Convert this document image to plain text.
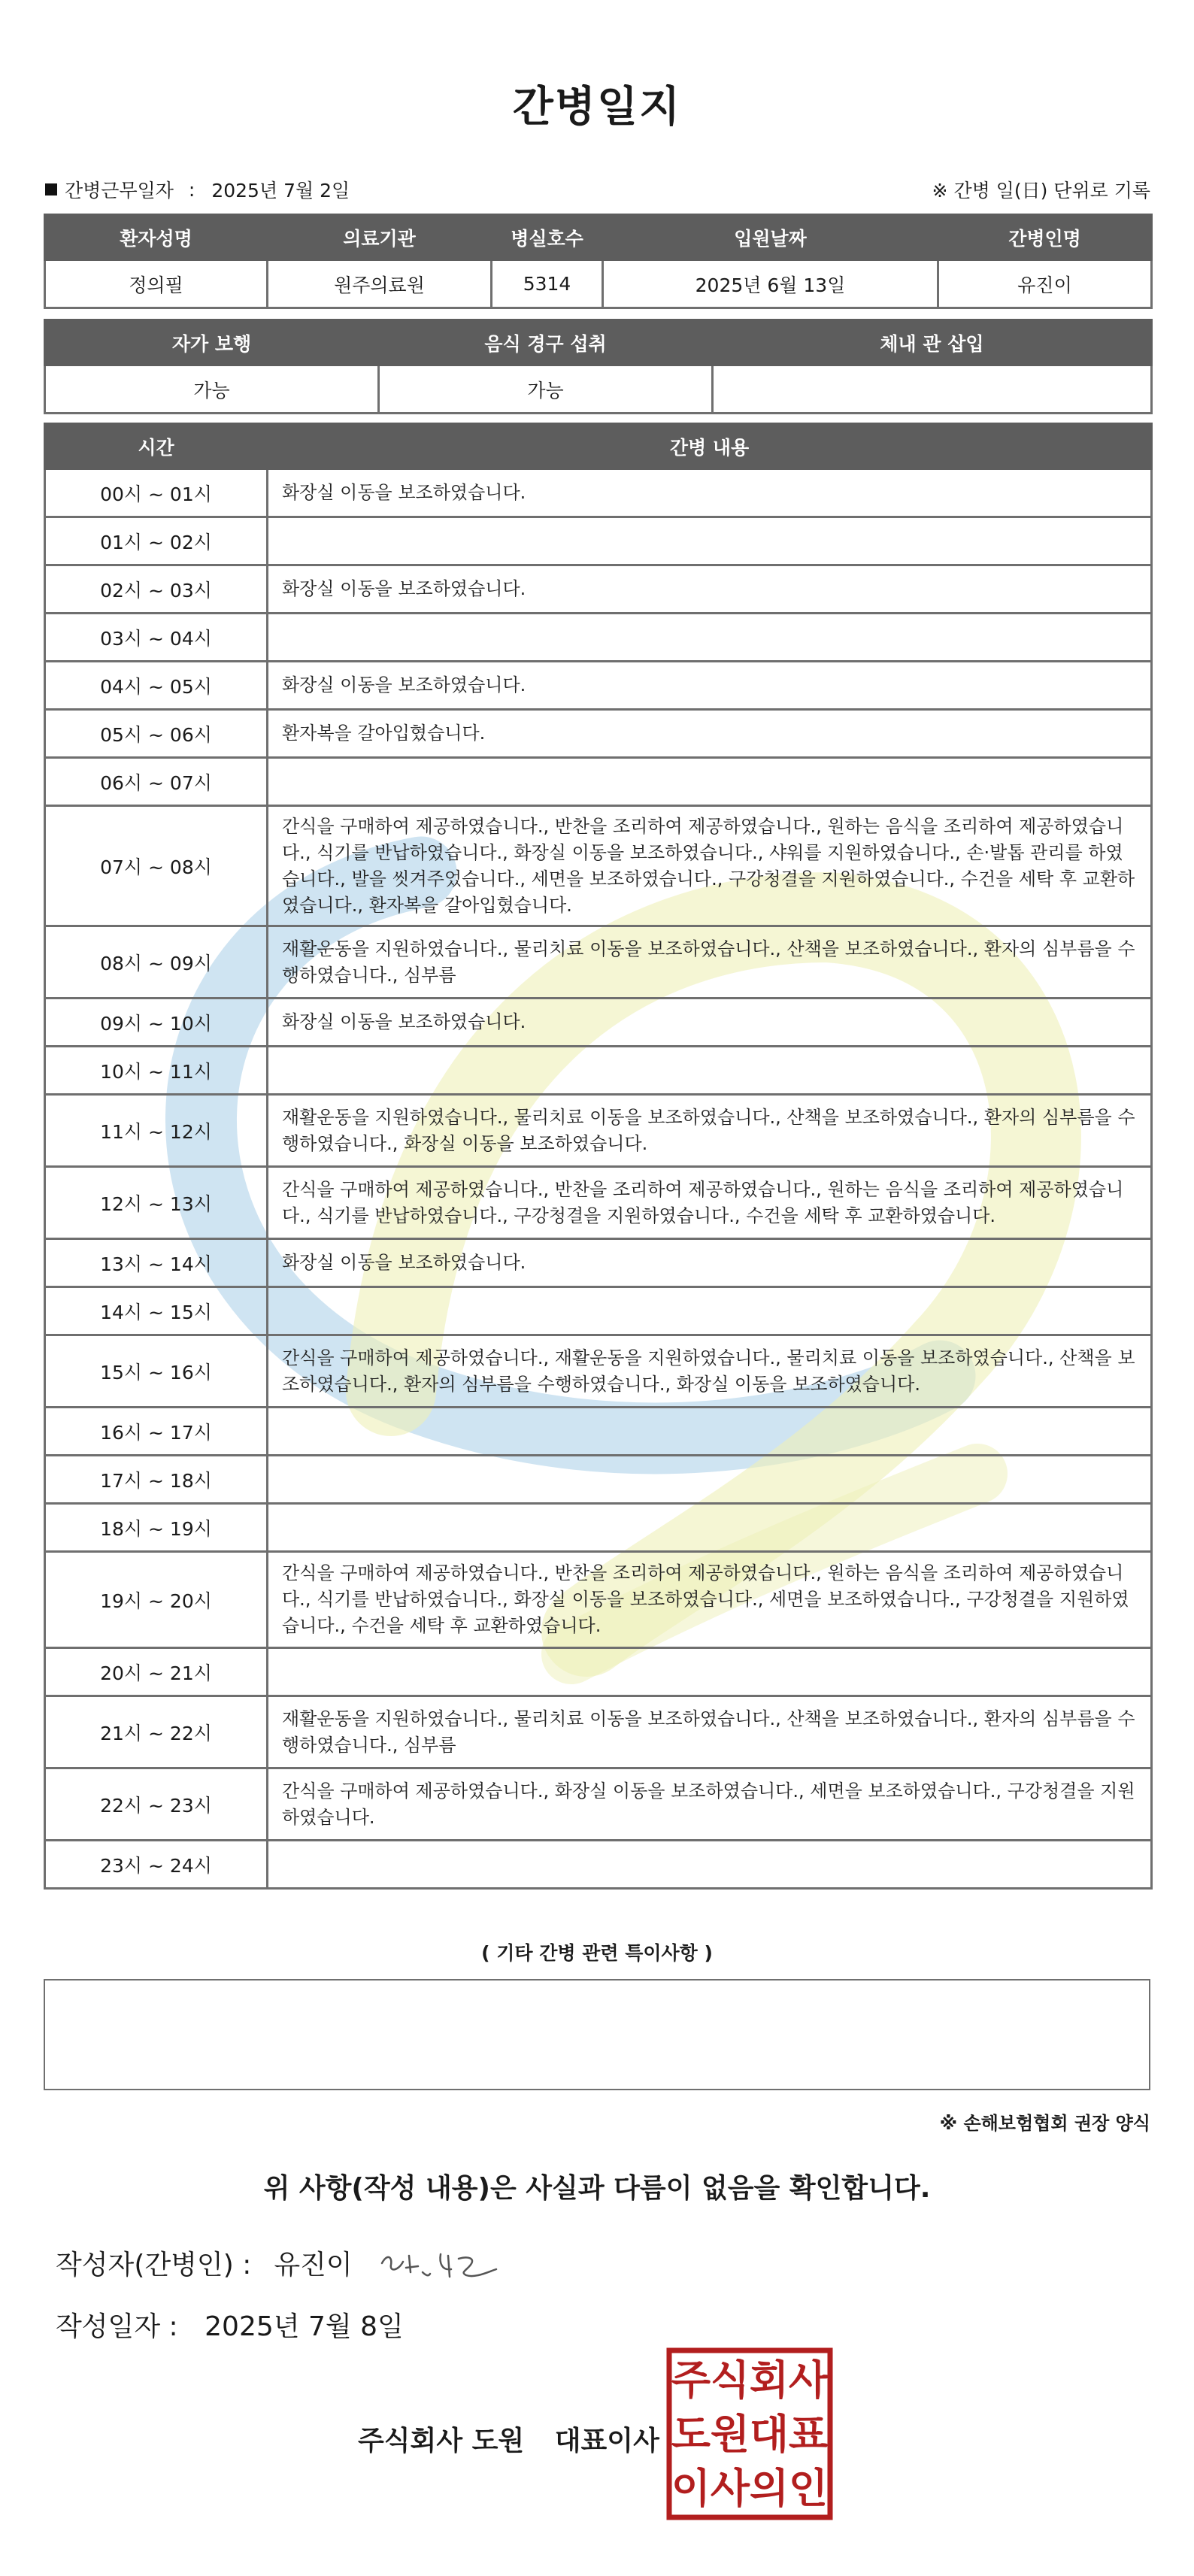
간병일지
간병근무일자 : 2025년 7월 2일	※ 간병 일(日) 단위로 기록
환자성명	의료기관	병실호수	입원날짜	간병인명
정의필	원주의료원	5314	2025년 6월 13일	유진이
자가 보행	음식 경구 섭취	체내 관 삽입
가능	가능	
시간	간병 내용
00시 ~ 01시	화장실 이동을 보조하였습니다.
01시 ~ 02시	
02시 ~ 03시	화장실 이동을 보조하였습니다.
03시 ~ 04시	
04시 ~ 05시	화장실 이동을 보조하였습니다.
05시 ~ 06시	환자복을 갈아입혔습니다.
06시 ~ 07시	
07시 ~ 08시	간식을 구매하여 제공하였습니다., 반찬을 조리하여 제공하였습니다., 원하는 음식을 조리하여 제공하였습니다., 식기를 반납하였습니다., 화장실 이동을 보조하였습니다., 샤워를 지원하였습니다., 손·발톱 관리를 하였습니다., 발을 씻겨주었습니다., 세면을 보조하였습니다., 구강청결을 지원하였습니다., 수건을 세탁 후 교환하였습니다., 환자복을 갈아입혔습니다.
08시 ~ 09시	재활운동을 지원하였습니다., 물리치료 이동을 보조하였습니다., 산책을 보조하였습니다., 환자의 심부름을 수행하였습니다., 심부름
09시 ~ 10시	화장실 이동을 보조하였습니다.
10시 ~ 11시	
11시 ~ 12시	재활운동을 지원하였습니다., 물리치료 이동을 보조하였습니다., 산책을 보조하였습니다., 환자의 심부름을 수행하였습니다., 화장실 이동을 보조하였습니다.
12시 ~ 13시	간식을 구매하여 제공하였습니다., 반찬을 조리하여 제공하였습니다., 원하는 음식을 조리하여 제공하였습니다., 식기를 반납하였습니다., 구강청결을 지원하였습니다., 수건을 세탁 후 교환하였습니다.
13시 ~ 14시	화장실 이동을 보조하였습니다.
14시 ~ 15시	
15시 ~ 16시	간식을 구매하여 제공하였습니다., 재활운동을 지원하였습니다., 물리치료 이동을 보조하였습니다., 산책을 보조하였습니다., 환자의 심부름을 수행하였습니다., 화장실 이동을 보조하였습니다.
16시 ~ 17시	
17시 ~ 18시	
18시 ~ 19시	
19시 ~ 20시	간식을 구매하여 제공하였습니다., 반찬을 조리하여 제공하였습니다., 원하는 음식을 조리하여 제공하였습니다., 식기를 반납하였습니다., 화장실 이동을 보조하였습니다., 세면을 보조하였습니다., 구강청결을 지원하였습니다., 수건을 세탁 후 교환하였습니다.
20시 ~ 21시	
21시 ~ 22시	재활운동을 지원하였습니다., 물리치료 이동을 보조하였습니다., 산책을 보조하였습니다., 환자의 심부름을 수행하였습니다., 심부름
22시 ~ 23시	간식을 구매하여 제공하였습니다., 화장실 이동을 보조하였습니다., 세면을 보조하였습니다., 구강청결을 지원하였습니다.
23시 ~ 24시	
( 기타 간병 관련 특이사항 )
※ 손해보험협회 권장 양식
위 사항(작성 내용)은 사실과 다름이 없음을 확인합니다.
작성자(간병인) : 유진이
작성일자 : 2025년 7월 8일
주식회사 도원 대표이사
주 식 회 사
도 원 대 표
이 사 의 인
